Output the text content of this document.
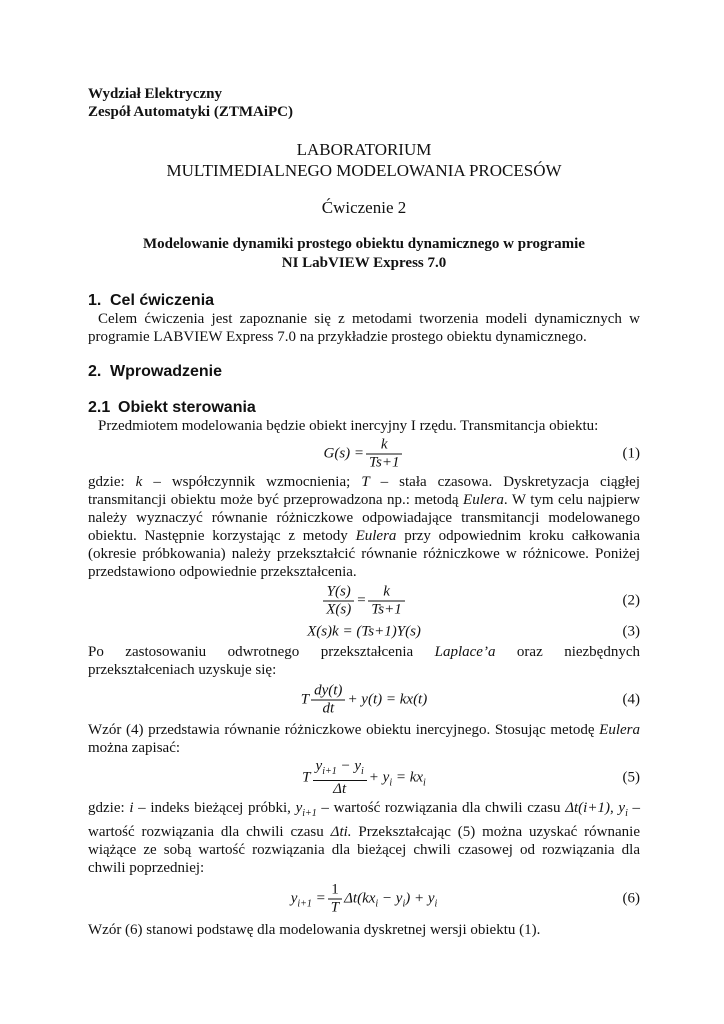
Wydział Elektryczny
Zespół Automatyki (ZTMAiPC)
LABORATORIUM
MULTIMEDIALNEGO MODELOWANIA PROCESÓW
Ćwiczenie 2
Modelowanie dynamiki prostego obiektu dynamicznego w programie
NI LabVIEW Express 7.0
1. Cel ćwiczenia

Celem ćwiczenia jest zapoznanie się z metodami tworzenia modeli dynamicznych w programie LABVIEW Express 7.0 na przykładzie prostego obiektu dynamicznego.

2. Wprowadzenie
2.1 Obiekt sterowania

Przedmiotem modelowania będzie obiekt inercyjny I rzędu. Transmitancja obiektu:

$G(s) = \frac{k}{Ts+1}$	(1)

gdzie: k – współczynnik wzmocnienia; T – stała czasowa. Dyskretyzacja ciągłej transmitancji obiektu może być przeprowadzona np.: metodą Eulera. W tym celu najpierw należy wyznaczyć równanie różniczkowe odpowiadające transmitancji modelowanego obiektu. Następnie korzystając z metody Eulera przy odpowiednim kroku całkowania (okresie próbkowania) należy przekształcić równanie różniczkowe w różnicowe. Poniżej przedstawiono odpowiednie przekształcenia.

$\frac{Y(s)}{X(s)} = \frac{k}{Ts+1}$	(2)
X(s)k = (Ts+1)Y(s)	(3)

Po zastosowaniu odwrotnego przekształcenia Laplace’a oraz niezbędnych przekształceniach uzyskuje się:

T $\frac{dy(t)}{dt} + y(t) = kx(t)$	(4)

Wzór (4) przedstawia równanie różniczkowe obiektu inercyjnego. Stosując metodę Eulera można zapisać:

T $\frac{y_{i+1} - y_i}{\Delta t} + y_i = kx_i$	(5)

gdzie: i – indeks bieżącej próbki, $y_{i+1}$ – wartość rozwiązania dla chwili czasu Δt(i+1), $y_i$ – wartość rozwiązania dla chwili czasu Δti. Przekształcając (5) można uzyskać równanie wiążące ze sobą wartość rozwiązania dla bieżącej chwili czasowej od rozwiązania dla chwili poprzedniej:

$y_{i+1} = \frac{1}{T} \Delta t(kx_i - y_i) + y_i$	(6)

Wzór (6) stanowi podstawę dla modelowania dyskretnej wersji obiektu (1).
